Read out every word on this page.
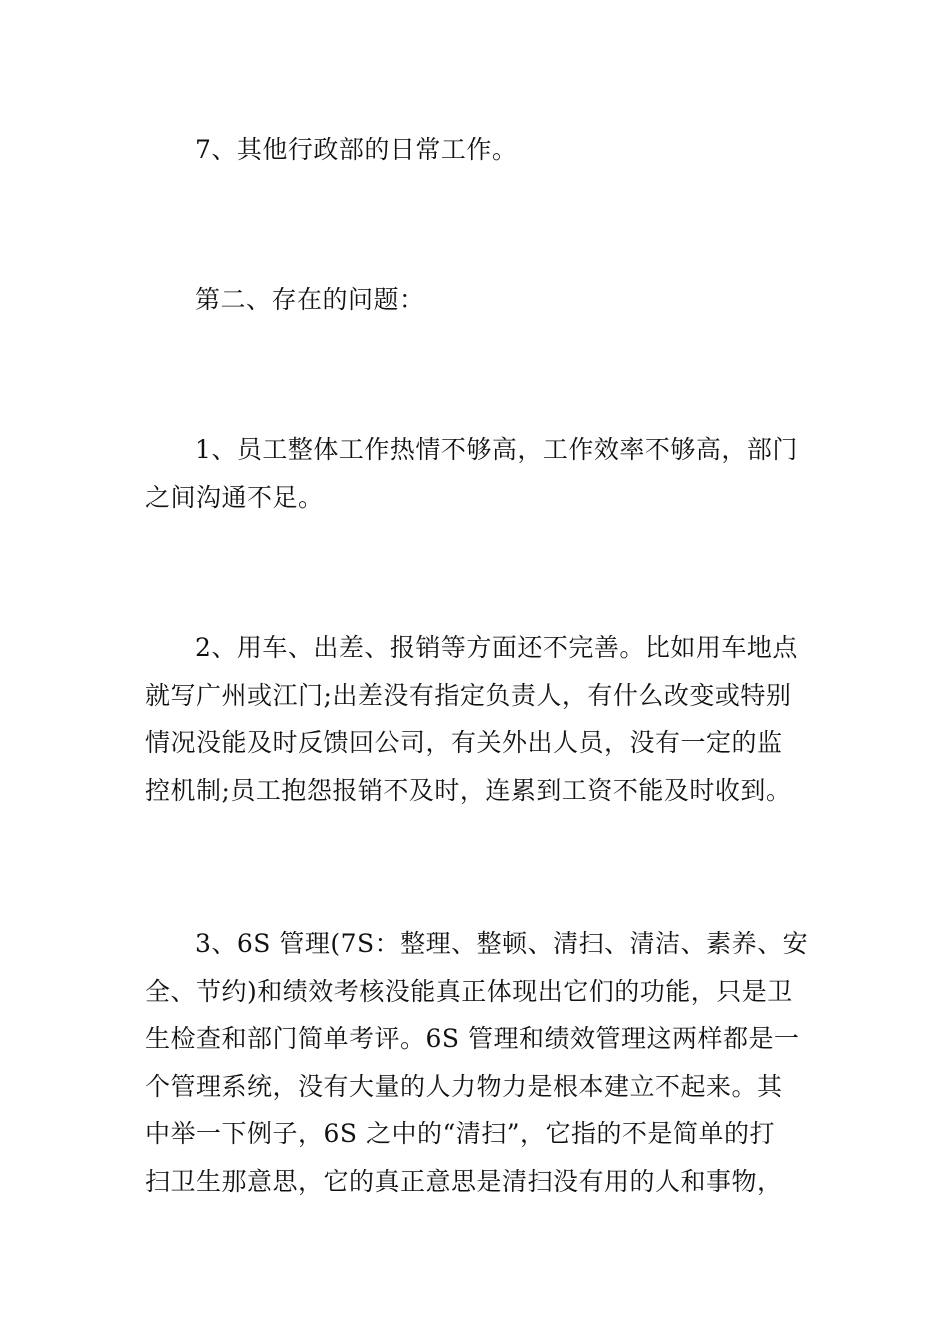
7、其他行政部的日常工作。
第二、存在的问题：
1、员工整体工作热情不够高，工作效率不够高，部门
之间沟通不足。
2、用车、出差、报销等方面还不完善。比如用车地点
就写广州或江门;出差没有指定负责人，有什么改变或特别
情况没能及时反馈回公司，有关外出人员，没有一定的监
控机制;员工抱怨报销不及时，连累到工资不能及时收到。
3、6S 管理(7S：整理、整顿、清扫、清洁、素养、安
全、节约)和绩效考核没能真正体现出它们的功能，只是卫
生检查和部门简单考评。6S 管理和绩效管理这两样都是一
个管理系统，没有大量的人力物力是根本建立不起来。其
中举一下例子，6S 之中的“清扫”，它指的不是简单的打
扫卫生那意思，它的真正意思是清扫没有用的人和事物，
